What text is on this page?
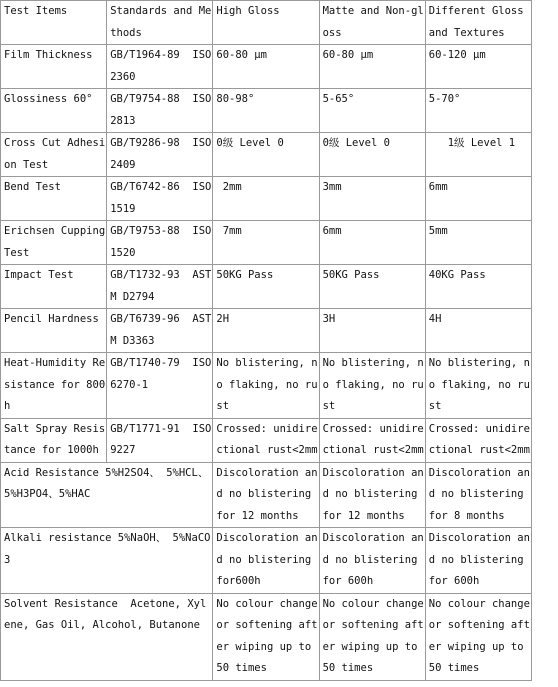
Test Items	Standards and Methods	High Gloss	Matte and Non-gloss	Different Gloss and Textures
Film Thickness	GB/T1964-89  ISO 2360	60-80 μm	60-80 μm	60-120 μm
Glossiness 60°	GB/T9754-88  ISO 2813	80-98°	5-65°	5-70°
Cross Cut Adhesion Test	GB/T9286-98  ISO 2409	0级 Level 0	0级 Level 0	1级 Level 1
Bend Test	GB/T6742-86  ISO 1519	2mm	3mm	6mm
Erichsen Cupping Test	GB/T9753-88  ISO 1520	7mm	6mm	5mm
Impact Test	GB/T1732-93  ASTM D2794	50KG Pass	50KG Pass	40KG Pass
Pencil Hardness	GB/T6739-96  ASTM D3363	2H	3H	4H
Heat-Humidity Resistance for 800h	GB/T1740-79  ISO 6270-1	No blistering, no flaking, no rust	No blistering, no flaking, no rust	No blistering, no flaking, no rust
Salt Spray Resistance for 1000h	GB/T1771-91  ISO 9227	Crossed: unidirectional rust<2mm	Crossed: unidirectional rust<2mm	Crossed: unidirectional rust<2mm
Acid Resistance 5%H2SO4、 5%HCL、 5%H3PO4、5%HAC		Discoloration and no blistering for 12 months	Discoloration and no blistering for 12 months	Discoloration and no blistering for 8 months
Alkali resistance 5%NaOH、 5%NaCO3		Discoloration and no blistering for600h	Discoloration and no blistering for 600h	Discoloration and no blistering for 600h
Solvent Resistance  Acetone, Xylene, Gas Oil, Alcohol, Butanone		No colour change or softening after wiping up to 50 times	No colour change or softening after wiping up to 50 times	No colour change or softening after wiping up to 50 times
